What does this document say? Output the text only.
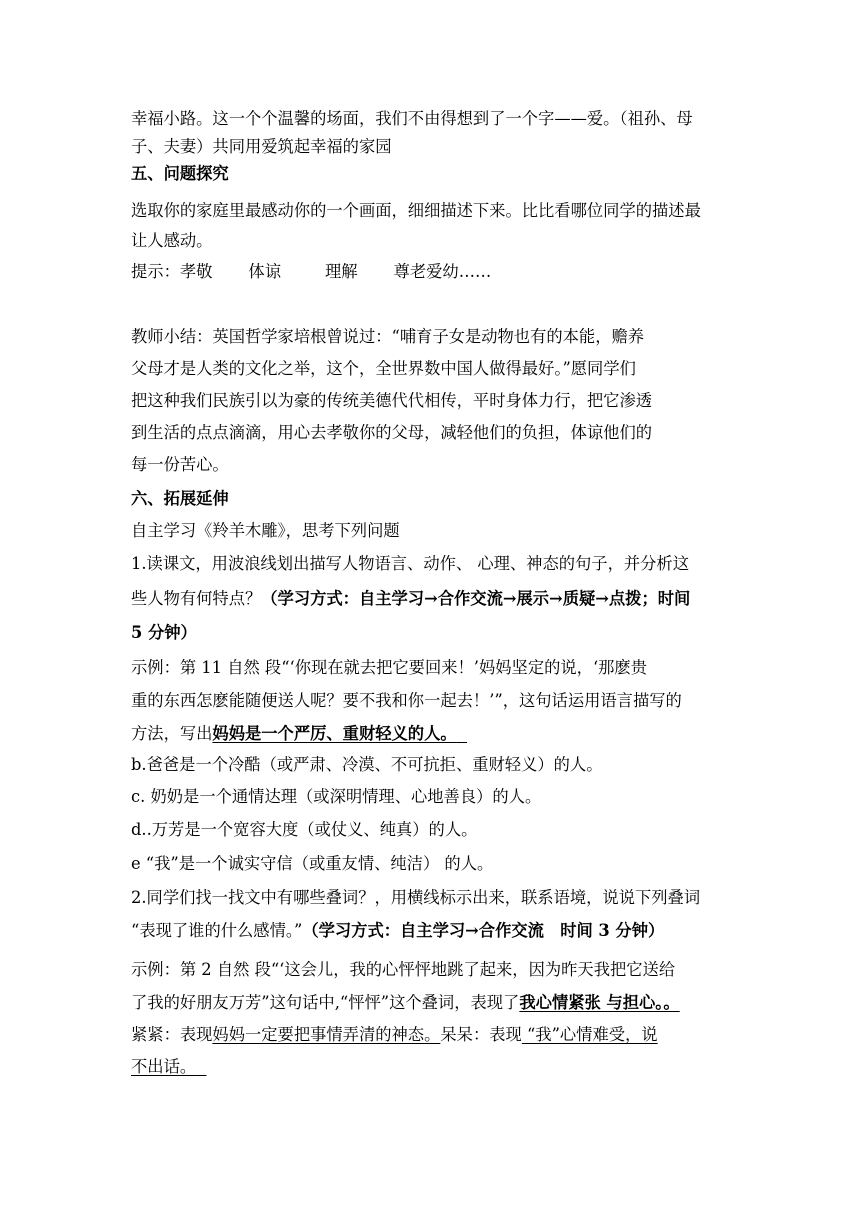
幸福小路。这一个个温馨的场面，我们不由得想到了一个字——爱。（祖孙、母
子、夫妻）共同用爱筑起幸福的家园
五、问题探究
选取你的家庭里最感动你的一个画面，细细描述下来。比比看哪位同学的描述最
让人感动。
提示：孝敬 体谅	理解 尊老爱幼……
教师小结：英国哲学家培根曾说过：“哺育子女是动物也有的本能，赡养
父母才是人类的文化之举，这个，全世界数中国人做得最好。”愿同学们
把这种我们民族引以为豪的传统美德代代相传，平时身体力行，把它渗透
到生活的点点滴滴，用心去孝敬你的父母，减轻他们的负担，体谅他们的
每一份苦心。
六、拓展延伸
自主学习《羚羊木雕》，思考下列问题
1.读课文，用波浪线划出描写人物语言、动作、 心理、神态的句子，并分析这
些人物有何特点？（学习方式：自主学习→合作交流→展示→质疑→点拨；时间
5 分钟）
示例：第 11 自然 段“‘你现在就去把它要回来！’妈妈坚定的说，‘那麽贵
重的东西怎麽能随便送人呢？要不我和你一起去！’”，这句话运用语言描写的
方法，写出妈妈是一个严厉、重财轻义的人。
b.爸爸是一个冷酷（或严肃、冷漠、不可抗拒、重财轻义）的人。
c. 奶奶是一个通情达理（或深明情理、心地善良）的人。
d..万芳是一个宽容大度（或仗义、纯真）的人。
e “我”是一个诚实守信（或重友情、纯洁） 的人。
2.同学们找一找文中有哪些叠词？，用横线标示出来，联系语境，说说下列叠词
“表现了谁的什么感情。”（学习方式：自主学习→合作交流　时间 3 分钟）
示例：第 2 自然 段“‘这会儿，我的心怦怦地跳了起来，因为昨天我把它送给
了我的好朋友万芳”这句话中,“怦怦”这个叠词，表现了我心情紧张 与担心。。
紧紧：表现妈妈一定要把事情弄清的神态。呆呆：表现 “我”心情难受，说
不出话。
